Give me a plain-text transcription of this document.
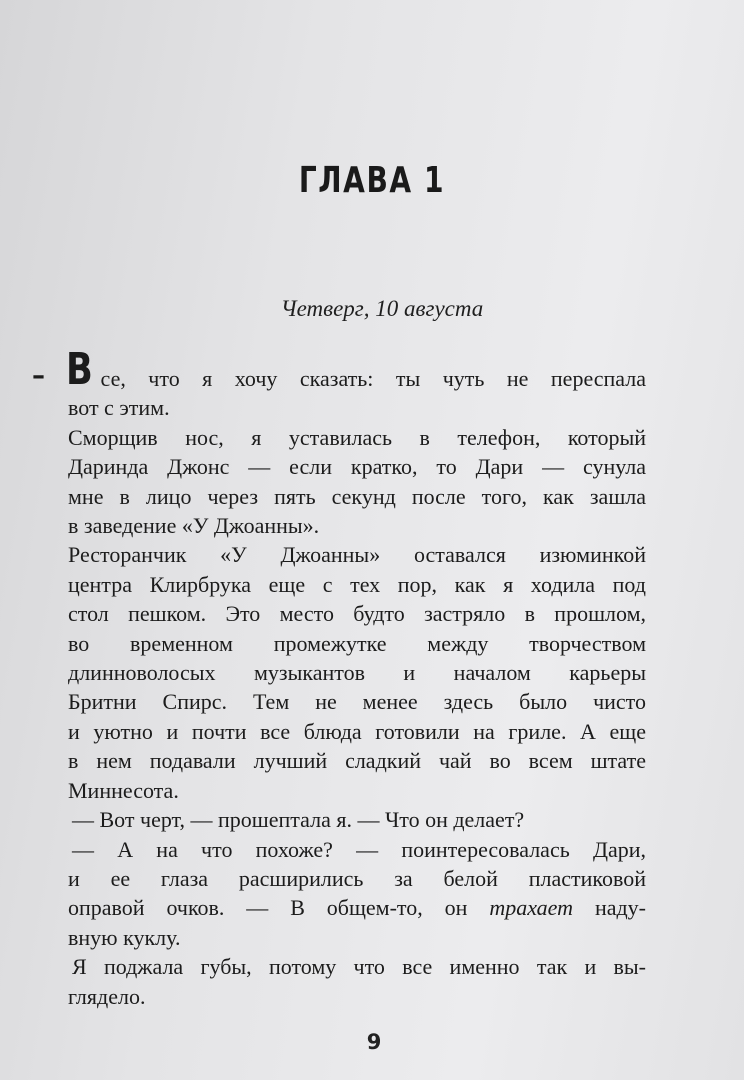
ГЛАВА 1
Четверг, 10 августа

– В се, что я хочу сказать: ты чуть не переспала
вот с этим.

Сморщив нос, я уставилась в телефон, который
Даринда Джонс — если кратко, то Дари — сунула
мне в лицо через пять секунд после того, как зашла
в заведение «У Джоанны».

Ресторанчик «У Джоанны» оставался изюминкой
центра Клирбрука еще с тех пор, как я ходила под
стол пешком. Это место будто застряло в прошлом,
во временном промежутке между творчеством
длинноволосых музыкантов и началом карьеры
Бритни Спирс. Тем не менее здесь было чисто
и уютно и почти все блюда готовили на гриле. А еще
в нем подавали лучший сладкий чай во всем штате
Миннесота.

— Вот черт, — прошептала я. — Что он делает?

— А на что похоже? — поинтересовалась Дари,
и ее глаза расширились за белой пластиковой
оправой очков. — В общем-то, он трахает наду-
вную куклу.

Я поджала губы, потому что все именно так и вы-
глядело.

9
